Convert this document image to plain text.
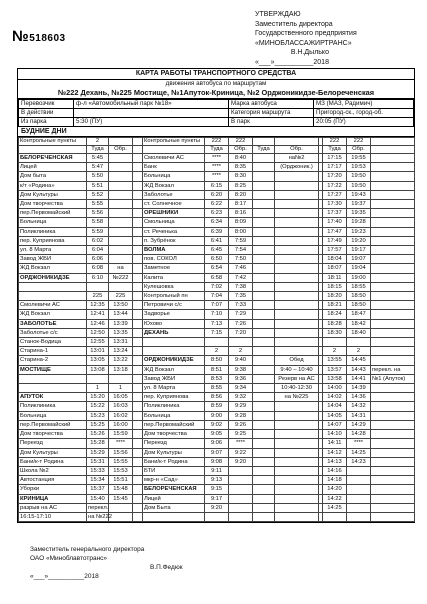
УТВЕРЖДАЮ
Заместитель директора
Государственного предприятия
«МИНОБЛАССАЖИРТРАНС»
В.Н.Дылько
«___»__________2018
№518603
КАРТА РАБОТЫ ТРАНСПОРТНОГО СРЕДСТВА
движения автобуса по маршрутам
№222 Дехань, №225 Мостище, №1Апуток-Криница, №2 Орджоникидзе-Белореченская
Перевозчик	ф-л «Автомобильный парк №18»	Марка автобуса	МЗ (МАЗ, Радимич)
В действии		Категория маршрута	Пригород-ск., город-об.
Из парка	5:30 (ПУ)	В парк	20:05 (ПУ)
БУДНИЕ ДНИ
Контрольные пункты	2			Контрольные пункты	222	222				222	222	
	Туда	Обр.			Туда	Обр.	Туда	Обр.		Туда	Обр.	
БЕЛОРЕЧЕНСКАЯ	5:45			Смолевичи АС	****	8:40		на№2		17:15	19:55	
Лицей	5:47			Банк	****	8:35		(Орджоник.)		17:17	19:53	
Дом быта	5:50			Больница	****	8:30				17:20	19:50	
к/т «Родина»	5:51			ЖД Вокзал	6:15	8:25				17:22	19:50	
Дом Культуры	5:52			Заболотье	6:20	8:20				17:27	19:43	
Дом творчества	5:55			ст. Солнечное	6:22	8:17				17:30	19:37	
пер.Первомайский	5:56			ОРЕШНИКИ	6:23	8:16				17:37	19:35	
Больница	5:58			Смольница	6:34	8:09				17:40	19:28	
Поликлиника	5:59			ст. Реченька	6:39	8:00				17:47	19:23	
пер. Куприянова	6:02			п. Зубрёнок	6:41	7:59				17:49	19:20	
ул. 8 Марта	6:04			ВОЛМА	6:45	7:54				17:57	19:17	
Завод ЖБИ	6:06			пов. СОКОЛ	6:50	7:50				18:04	19:07	
ЖД Вокзал	6:08	на		Заметное	6:54	7:46				18:07	19:04	
ОРДЖОНИКИДЗЕ	6:10	№222		Калита	6:58	7:42				18:11	19:00	
				Кулешовка	7:02	7:38				18:15	18:55	
	225	225		Контрольный пн	7:04	7:35				18:20	18:50	
Смолевичи АС	12:35	13:50		Петровичи с/с	7:07	7:33				18:21	18:50	
ЖД Вокзал	12:41	13:44		Задворье	7:10	7:29				18:24	18:47	
ЗАБОЛОТЬЕ	12:46	13:39		Юхово	7:13	7:26				18:28	18:42	
Заболотье с/с	12:50	13:35		ДЕХАНЬ	7:15	7:20				18:30	18:40	
Станок-Водица	12:55	13:31										
Старина-1	13:01	13:24			2	2				2	2	
Старина-2	13:05	13:22		ОРДЖОНИКИДЗЕ	8:50	9:40		Обед		13:55	14:45	
МОСТИЩЕ	13:08	13:18		ЖД Вокзал	8:51	9:38		9:40 – 10:40		13:57	14:43	перекл. на
				Завод ЖБИ	8:53	9:36		Резерв на АС		13:58	14:41	№1 (Апуток)
	1	1		ул. 8 Марта	8:55	9:34		10:40-12:30		14:00	14:39	
АПУТОК	15:20	16:05		пер. Куприянова	8:56	9:32		на №225		14:02	14:36	
Поликлиника	15:22	16:03		Поликлиника	8:59	9:29				14:04	14:32	
Больница	15:23	16:02		Больница	9:00	9:28				14:05	14:31	
пер.Первомайский	15:25	16:00		пер.Первомайский	9:02	9:26				14:07	14:29	
Дом творчества	15:26	15:59		Дом творчества	9:05	9:25				14:10	14:28	
Переезд	15:28	****		Переезд	9:06	****				14:11	****	
Дом Культуры	15:29	15:56		Дом Культуры	9:07	9:22				14:12	14:25	
Бани/к-т Родина	15:31	15:55		Бани/к-т Родина	9:08	9:20				14:13	14:23	
Школа №2	15:33	15:53		БТИ	9:11					14:16		
Автостанция	15:34	15:51		мкр-н «Сад»	9:13					14:18		
Уборки	15:37	15:48		БЕЛОРЕЧЕНСКАЯ	9:15					14:20		
КРИНИЦА	15:40	15:45		Лицей	9:17					14:22		
разрыв на АС	перекл.			Дом Быта	9:20					14:25		
16:15-17:10	на №222											
Заместитель генерального директора
ОАО «Миноблавтотранс»
В.П.Федюк
«___»__________2018
